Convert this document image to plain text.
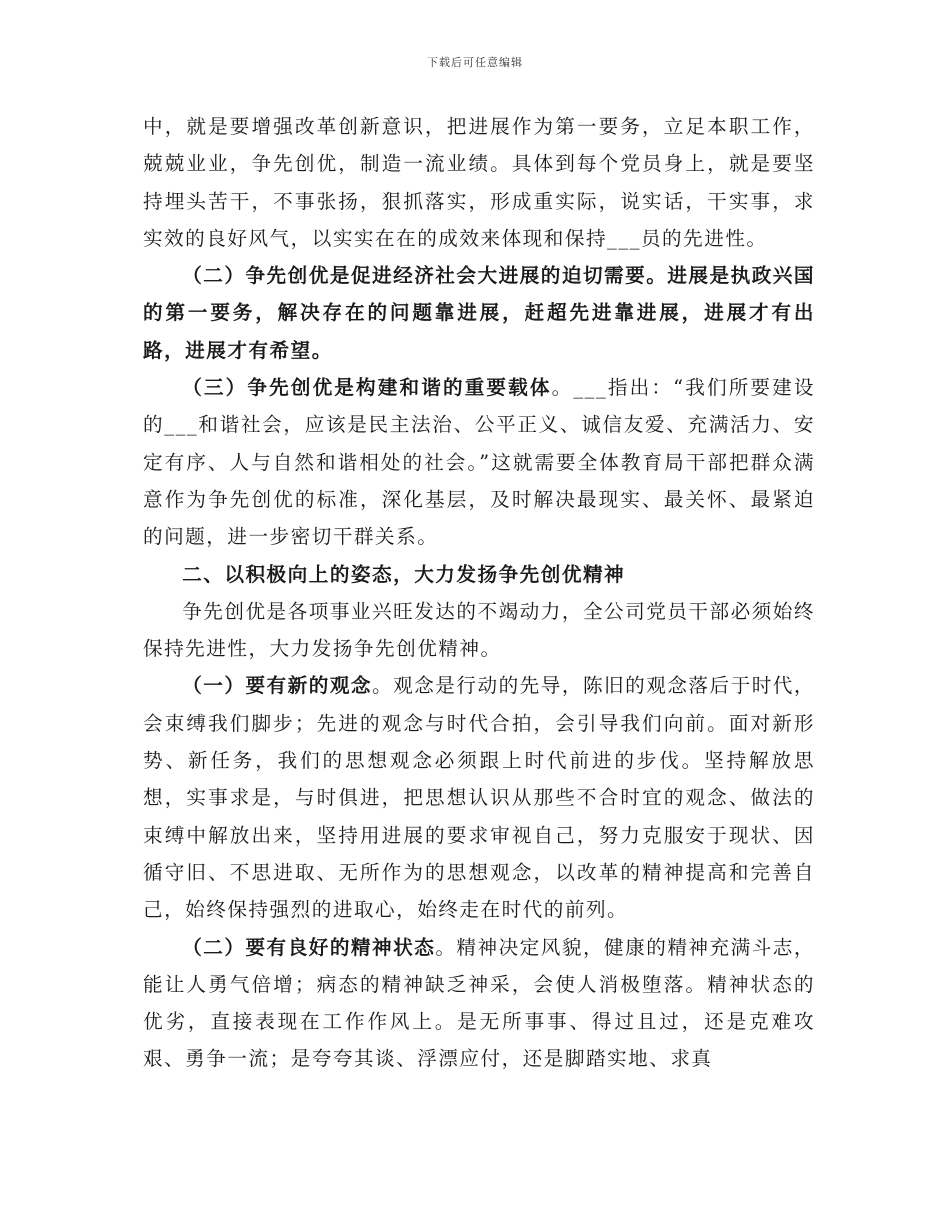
下载后可任意编辑

中，就是要增强改革创新意识，把进展作为第一要务，立足本职工作，兢兢业业，争先创优，制造一流业绩。具体到每个党员身上，就是要坚持埋头苦干，不事张扬，狠抓落实，形成重实际，说实话，干实事，求实效的良好风气，以实实在在的成效来体现和保持___员的先进性。

（二）争先创优是促进经济社会大进展的迫切需要。进展是执政兴国的第一要务，解决存在的问题靠进展，赶超先进靠进展，进展才有出路，进展才有希望。

（三）争先创优是构建和谐的重要载体。___指出：“我们所要建设的___和谐社会，应该是民主法治、公平正义、诚信友爱、充满活力、安定有序、人与自然和谐相处的社会。”这就需要全体教育局干部把群众满意作为争先创优的标准，深化基层，及时解决最现实、最关怀、最紧迫的问题，进一步密切干群关系。

二、以积极向上的姿态，大力发扬争先创优精神

争先创优是各项事业兴旺发达的不竭动力，全公司党员干部必须始终保持先进性，大力发扬争先创优精神。

（一）要有新的观念。观念是行动的先导，陈旧的观念落后于时代，会束缚我们脚步；先进的观念与时代合拍，会引导我们向前。面对新形势、新任务，我们的思想观念必须跟上时代前进的步伐。坚持解放思想，实事求是，与时俱进，把思想认识从那些不合时宜的观念、做法的束缚中解放出来，坚持用进展的要求审视自己，努力克服安于现状、因循守旧、不思进取、无所作为的思想观念，以改革的精神提高和完善自己，始终保持强烈的进取心，始终走在时代的前列。

（二）要有良好的精神状态。精神决定风貌，健康的精神充满斗志，能让人勇气倍增；病态的精神缺乏神采，会使人消极堕落。精神状态的优劣，直接表现在工作作风上。是无所事事、得过且过，还是克难攻艰、勇争一流；是夸夸其谈、浮漂应付，还是脚踏实地、求真
